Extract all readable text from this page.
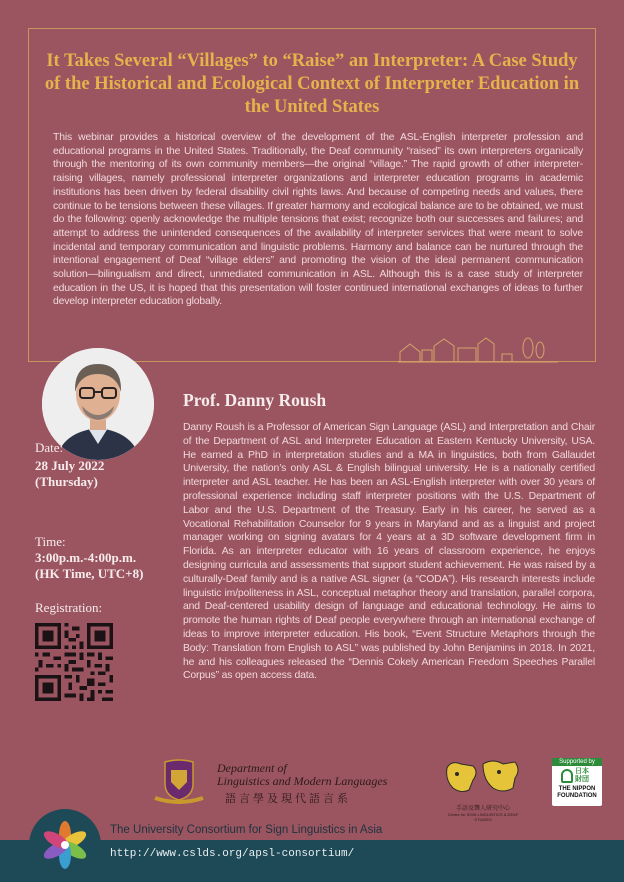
It Takes Several “Villages” to “Raise” an Interpreter: A Case Study of the Historical and Ecological Context of Interpreter Education in the United States

This webinar provides a historical overview of the development of the ASL-English interpreter profession and educational programs in the United States. Traditionally, the Deaf community “raised” its own interpreters organically through the mentoring of its own community members—the original “village.” The rapid growth of other interpreter-raising villages, namely professional interpreter organizations and interpreter education programs in academic institutions has been driven by federal disability civil rights laws. And because of competing needs and values, there continue to be tensions between these villages. If greater harmony and ecological balance are to be obtained, we must do the following: openly acknowledge the multiple tensions that exist; recognize both our successes and failures; and attempt to address the unintended consequences of the availability of interpreter services that were meant to solve incidental and temporary communication and linguistic problems. Harmony and balance can be nurtured through the intentional engagement of Deaf “village elders” and promoting the vision of the ideal permanent communication solution—bilingualism and direct, unmediated communication in ASL. Although this is a case study of interpreter education in the US, it is hoped that this presentation will foster continued international exchanges of ideas to further develop interpreter education globally.

Prof. Danny Roush

Danny Roush is a Professor of American Sign Language (ASL) and Interpretation and Chair of the Department of ASL and Interpreter Education at Eastern Kentucky University, USA. He earned a PhD in interpretation studies and a MA in linguistics, both from Gallaudet University, the nation’s only ASL & English bilingual university. He is a nationally certified interpreter and ASL teacher. He has been an ASL-English interpreter with over 30 years of professional experience including staff interpreter positions with the U.S. Department of Labor and the U.S. Department of the Treasury. Early in his career, he served as a Vocational Rehabilitation Counselor for 9 years in Maryland and as a linguist and project manager working on signing avatars for 4 years at a 3D software development firm in Florida. As an interpreter educator with 16 years of classroom experience, he enjoys designing curricula and assessments that support student achievement. He was raised by a culturally-Deaf family and is a native ASL signer (a “CODA”). His research interests include linguistic im/politeness in ASL, conceptual metaphor theory and translation, parallel corpora, and Deaf-centered usability design of language and educational technology. He aims to promote the human rights of Deaf people everywhere through an international exchange of ideas to improve interpreter education. His book, “Event Structure Metaphors through the Body: Translation from English to ASL” was published by John Benjamins in 2018. In 2021, he and his colleagues released the “Dennis Cokely American Freedom Speeches Parallel Corpus” as open access data.

Date:
28 July 2022
(Thursday)
Time:
3:00p.m.-4:00p.m.
(HK Time, UTC+8)
Registration:
Department of
Linguistics and Modern Languages
語言學及現代語言系
手語及聾人研究中心
Centre for SIGN LINGUISTICS & DEAF STUDIES
Supported by
日本財団
THE NIPPON
FOUNDATION
The University Consortium for Sign Linguistics in Asia
http://www.cslds.org/apsl-consortium/
